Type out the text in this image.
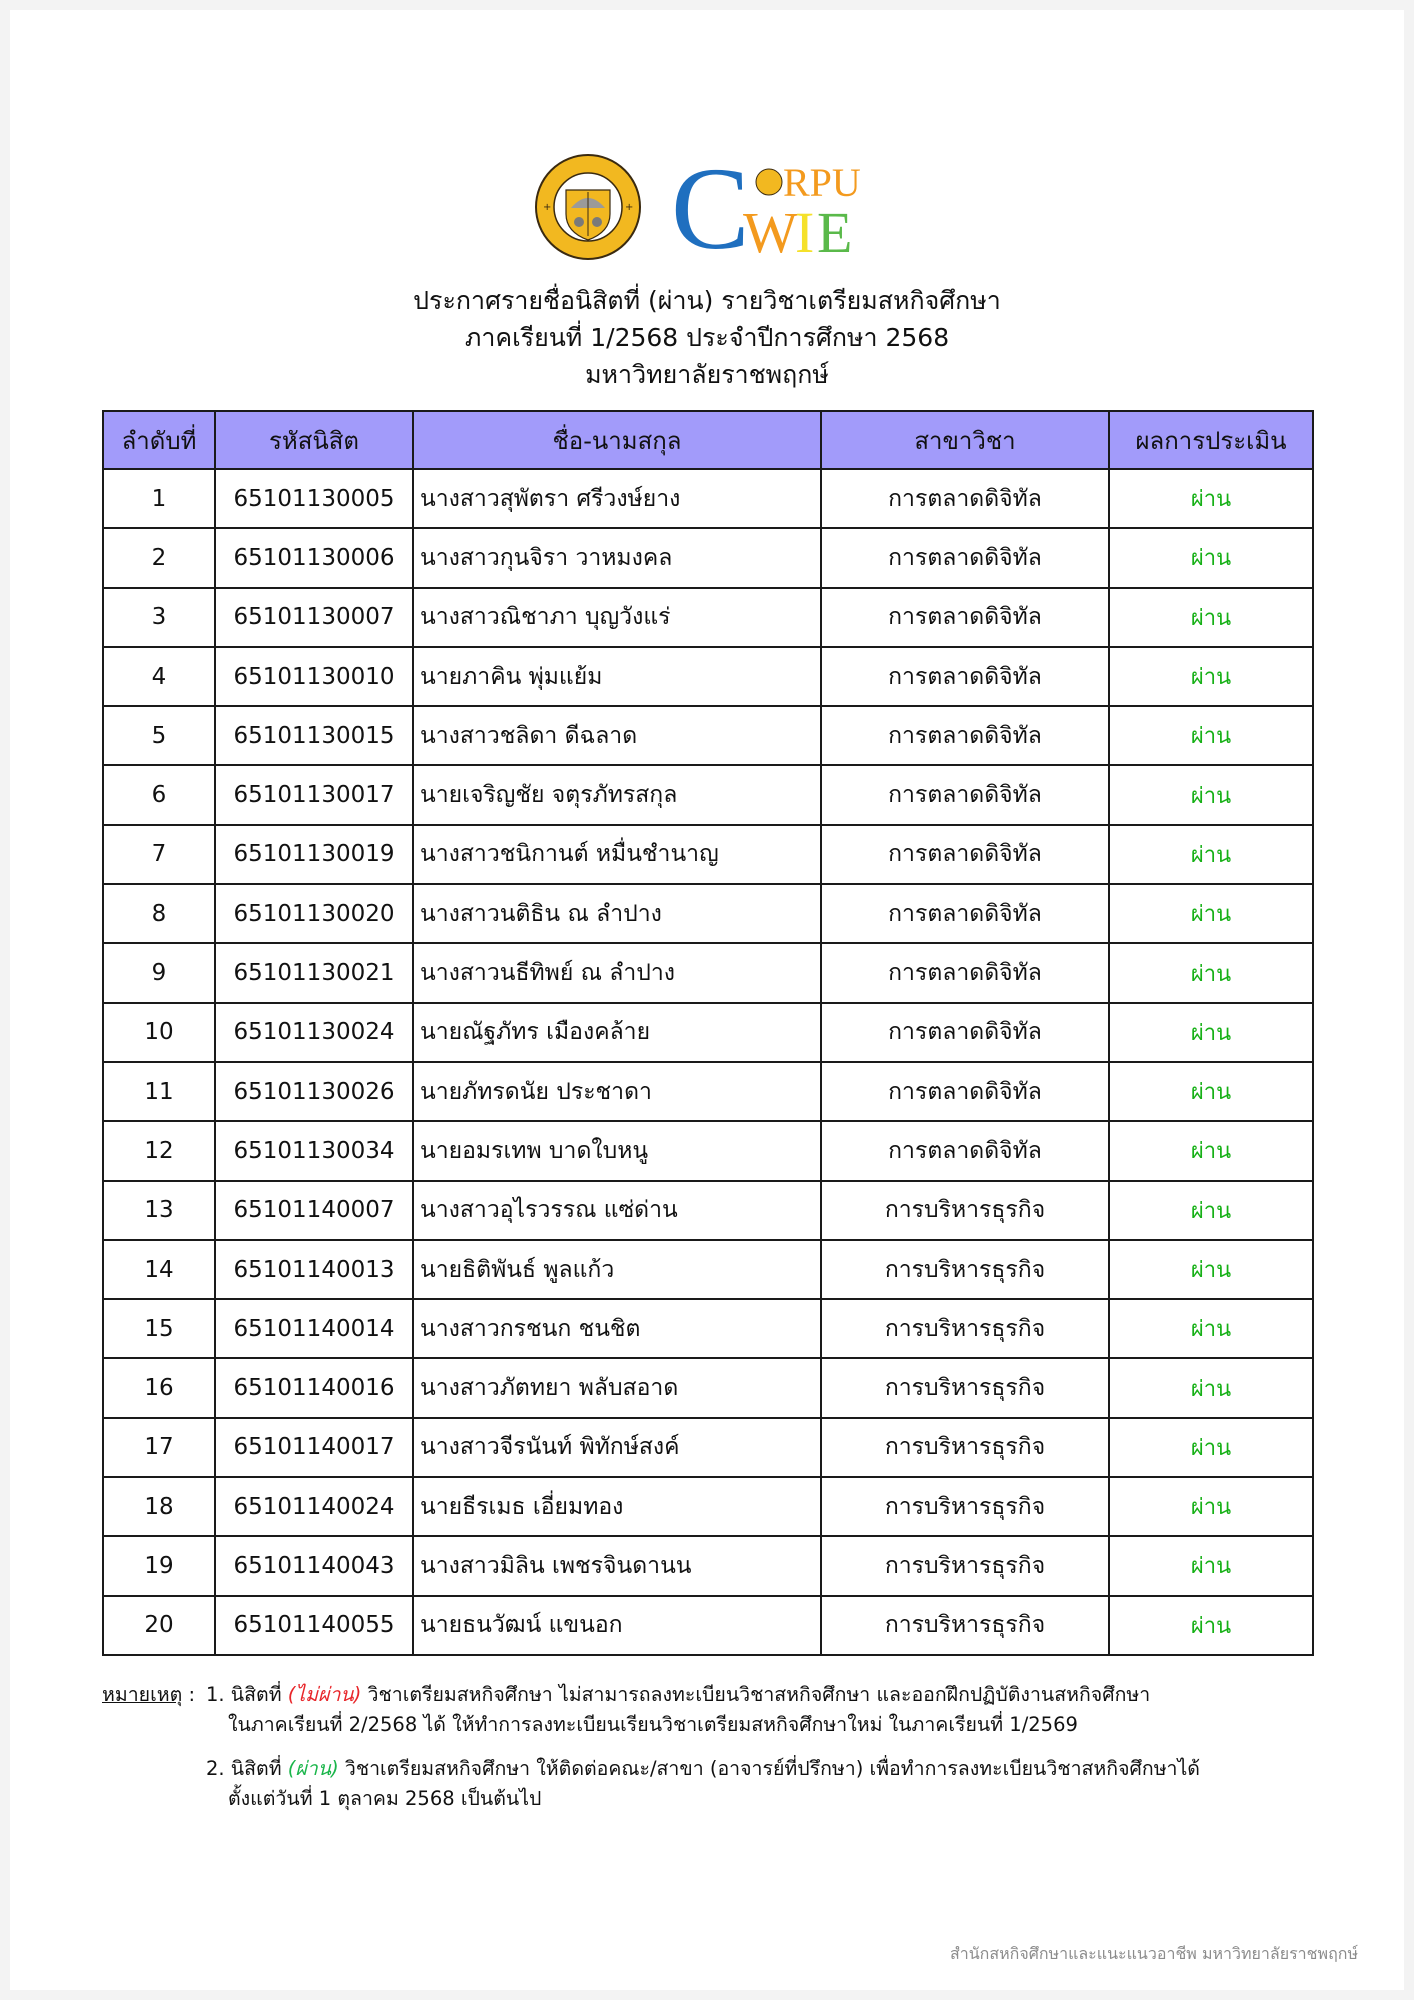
+	+ C RPU
W
I E
ประกาศรายชื่อนิสิตที่ (ผ่าน) รายวิชาเตรียมสหกิจศึกษา
ภาคเรียนที่ 1/2568 ประจำปีการศึกษา 2568
มหาวิทยาลัยราชพฤกษ์
ลำดับที่	รหัสนิสิต	ชื่อ-นามสกุล	สาขาวิชา	ผลการประเมิน
1	65101130005	นางสาวสุพัตรา ศรีวงษ์ยาง	การตลาดดิจิทัล	ผ่าน
2	65101130006	นางสาวกุนจิรา วาหมงคล	การตลาดดิจิทัล	ผ่าน
3	65101130007	นางสาวณิชาภา บุญวังแร่	การตลาดดิจิทัล	ผ่าน
4	65101130010	นายภาคิน พุ่มแย้ม	การตลาดดิจิทัล	ผ่าน
5	65101130015	นางสาวชลิดา ดีฉลาด	การตลาดดิจิทัล	ผ่าน
6	65101130017	นายเจริญชัย จตุรภัทรสกุล	การตลาดดิจิทัล	ผ่าน
7	65101130019	นางสาวชนิกานต์ หมื่นชำนาญ	การตลาดดิจิทัล	ผ่าน
8	65101130020	นางสาวนติธิน ณ ลำปาง	การตลาดดิจิทัล	ผ่าน
9	65101130021	นางสาวนธีทิพย์ ณ ลำปาง	การตลาดดิจิทัล	ผ่าน
10	65101130024	นายณัฐภัทร เมืองคล้าย	การตลาดดิจิทัล	ผ่าน
11	65101130026	นายภัทรดนัย ประชาดา	การตลาดดิจิทัล	ผ่าน
12	65101130034	นายอมรเทพ บาดใบหนู	การตลาดดิจิทัล	ผ่าน
13	65101140007	นางสาวอุไรวรรณ แซ่ด่าน	การบริหารธุรกิจ	ผ่าน
14	65101140013	นายธิติพันธ์ พูลแก้ว	การบริหารธุรกิจ	ผ่าน
15	65101140014	นางสาวกรชนก ชนชิต	การบริหารธุรกิจ	ผ่าน
16	65101140016	นางสาวภัตทยา พลับสอาด	การบริหารธุรกิจ	ผ่าน
17	65101140017	นางสาวจีรนันท์ พิทักษ์สงค์	การบริหารธุรกิจ	ผ่าน
18	65101140024	นายธีรเมธ เอี่ยมทอง	การบริหารธุรกิจ	ผ่าน
19	65101140043	นางสาวมิลิน เพชรจินดานน	การบริหารธุรกิจ	ผ่าน
20	65101140055	นายธนวัฒน์ แขนอก	การบริหารธุรกิจ	ผ่าน
หมายเหตุ : 1. นิสิตที่ (ไม่ผ่าน) วิชาเตรียมสหกิจศึกษา ไม่สามารถลงทะเบียนวิชาสหกิจศึกษา และออกฝึกปฏิบัติงานสหกิจศึกษา
ในภาคเรียนที่ 2/2568 ได้ ให้ทำการลงทะเบียนเรียนวิชาเตรียมสหกิจศึกษาใหม่ ในภาคเรียนที่ 1/2569
2. นิสิตที่ (ผ่าน) วิชาเตรียมสหกิจศึกษา ให้ติดต่อคณะ/สาขา (อาจารย์ที่ปรึกษา) เพื่อทำการลงทะเบียนวิชาสหกิจศึกษาได้
ตั้งแต่วันที่ 1 ตุลาคม 2568 เป็นต้นไป
สำนักสหกิจศึกษาและแนะแนวอาชีพ มหาวิทยาลัยราชพฤกษ์
